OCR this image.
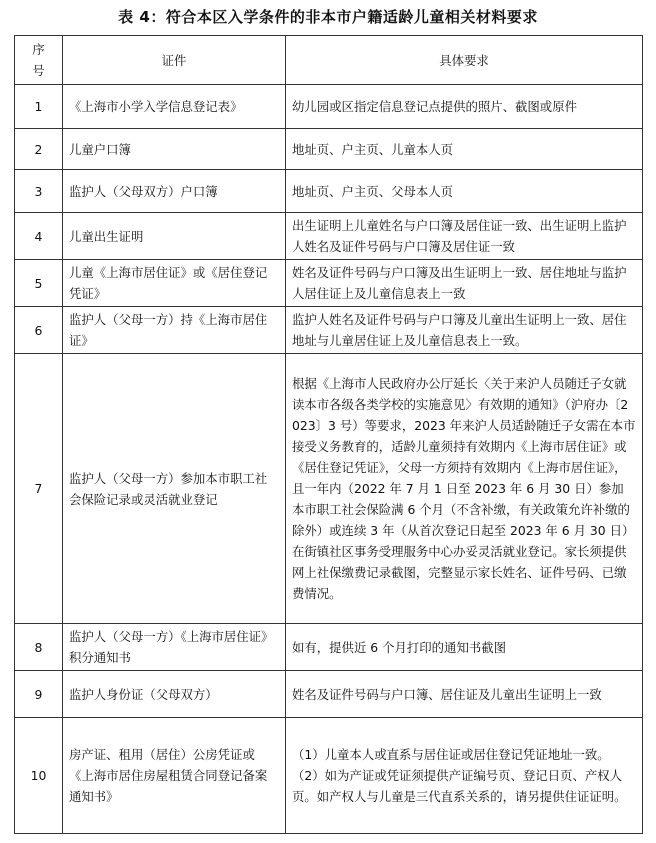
表 4：符合本区入学条件的非本市户籍适龄儿童相关材料要求
序
号	证件	具体要求
1	《上海市小学入学信息登记表》	幼儿园或区指定信息登记点提供的照片、截图或原件

2	儿童户口簿	地址页、户主页、儿童本人页

3	监护人（父母双方）户口簿	地址页、户主页、父母本人页

4	儿童出生证明	出生证明上儿童姓名与户口簿及居住证一致、出生证明上监护人姓名及证件号码与户口簿及居住证一致

5	儿童《上海市居住证》或《居住登记凭证》	姓名及证件号码与户口簿及出生证明上一致、居住地址与监护人居住证上及儿童信息表上一致

6	监护人（父母一方）持《上海市居住证》	监护人姓名及证件号码与户口簿及儿童出生证明上一致、居住地址与儿童居住证上及儿童信息表上一致。

7	监护人（父母一方）参加本市职工社会保险记录或灵活就业登记	根据《上海市人民政府办公厅延长〈关于来沪人员随迁子女就读本市各级各类学校的实施意见〉有效期的通知》（沪府办〔2023〕3 号）等要求，2023 年来沪人员适龄随迁子女需在本市接受义务教育的，适龄儿童须持有效期内《上海市居住证》或《居住登记凭证》，父母一方须持有效期内《上海市居住证》，且一年内（2022 年 7 月 1 日至 2023 年 6 月 30 日）参加本市职工社会保险满 6 个月（不含补缴，有关政策允许补缴的除外）或连续 3 年（从首次登记日起至 2023 年 6 月 30 日）在街镇社区事务受理服务中心办妥灵活就业登记。家长须提供网上社保缴费记录截图，完整显示家长姓名、证件号码、已缴费情况。

8	监护人（父母一方）《上海市居住证》积分通知书	如有，提供近 6 个月打印的通知书截图

9	监护人身份证（父母双方）	姓名及证件号码与户口簿、居住证及儿童出生证明上一致

10	房产证、租用（居住）公房凭证或《上海市居住房屋租赁合同登记备案通知书》	（1）儿童本人或直系与居住证或居住登记凭证地址一致。
（2）如为产证或凭证须提供产证编号页、登记日页、产权人页。如产权人与儿童是三代直系关系的，请另提供住证证明。
